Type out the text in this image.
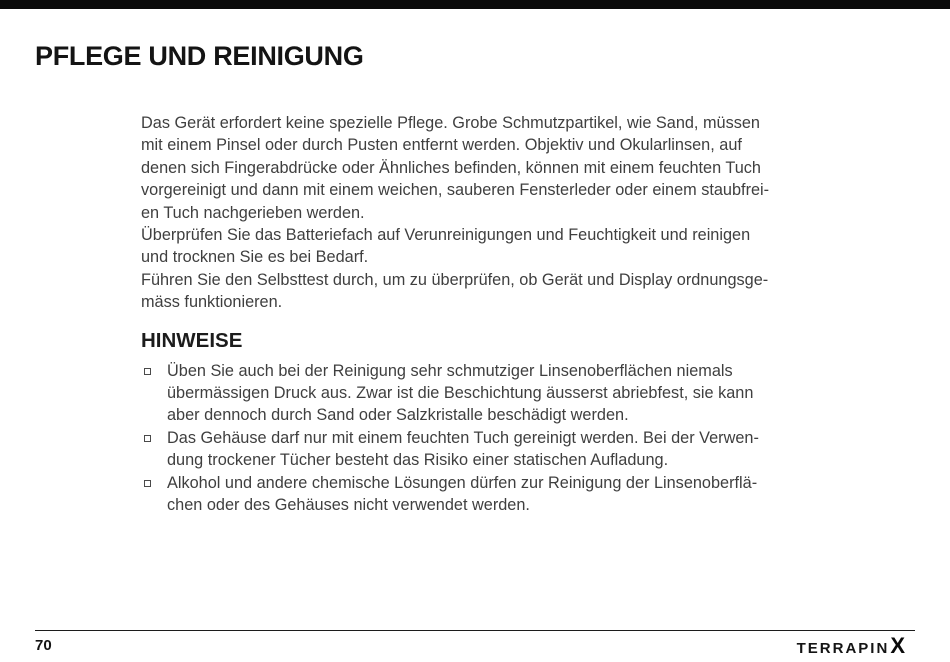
PFLEGE UND REINIGUNG
Das Gerät erfordert keine spezielle Pflege. Grobe Schmutzpartikel, wie Sand, müssen
mit einem Pinsel oder durch Pusten entfernt werden. Objektiv und Okularlinsen, auf
denen sich Fingerabdrücke oder Ähnliches befinden, können mit einem feuchten Tuch
vorgereinigt und dann mit einem weichen, sauberen Fensterleder oder einem staubfrei-
en Tuch nachgerieben werden.
Überprüfen Sie das Batteriefach auf Verunreinigungen und Feuchtigkeit und reinigen
und trocknen Sie es bei Bedarf.
Führen Sie den Selbsttest durch, um zu überprüfen, ob Gerät und Display ordnungsge-
mäss funktionieren.
HINWEISE
Üben Sie auch bei der Reinigung sehr schmutziger Linsenoberflächen niemals
übermässigen Druck aus. Zwar ist die Beschichtung äusserst abriebfest, sie kann
aber dennoch durch Sand oder Salzkristalle beschädigt werden.
Das Gehäuse darf nur mit einem feuchten Tuch gereinigt werden. Bei der Verwen-
dung trockener Tücher besteht das Risiko einer statischen Aufladung.
Alkohol und andere chemische Lösungen dürfen zur Reinigung der Linsenoberflä-
chen oder des Gehäuses nicht verwendet werden.
70	TERRAPINX
